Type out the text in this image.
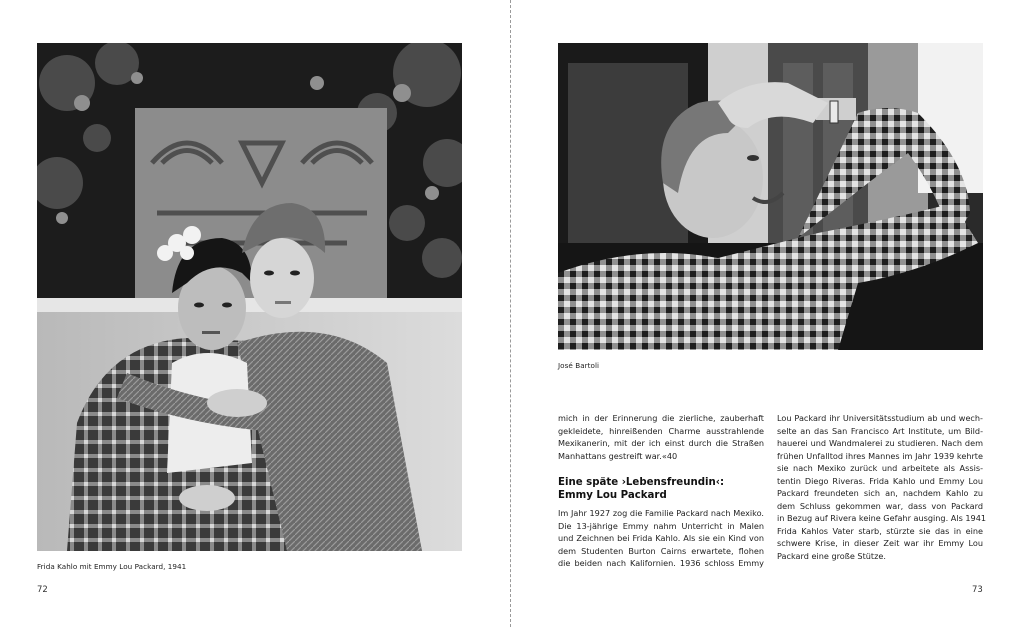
Frida Kahlo mit Emmy Lou Packard, 1941
72
José Bartoli

mich in der Erinnerung die zierliche, zauberhaft
gekleidete, hinreißenden Charme ausstrahlende
Mexikanerin, mit der ich einst durch die Straßen
Manhattans gestreift war.«40

Eine späte ›Lebensfreundin‹:
Emmy Lou Packard

Im Jahr 1927 zog die Familie Packard nach Mexiko.
Die 13-jährige Emmy nahm Unterricht in Malen
und Zeichnen bei Frida Kahlo. Als sie ein Kind von
dem Studenten Burton Cairns erwartete, flohen
die beiden nach Kalifornien. 1936 schloss Emmy

Lou Packard ihr Universitätsstudium ab und wech-
selte an das San Francisco Art Institute, um Bild-
hauerei und Wandmalerei zu studieren. Nach dem
frühen Unfalltod ihres Mannes im Jahr 1939 kehrte
sie nach Mexiko zurück und arbeitete als Assis-
tentin Diego Riveras. Frida Kahlo und Emmy Lou
Packard freundeten sich an, nachdem Kahlo zu
dem Schluss gekommen war, dass von Packard
in Bezug auf Rivera keine Gefahr ausging. Als 1941
Frida Kahlos Vater starb, stürzte sie das in eine
schwere Krise, in dieser Zeit war ihr Emmy Lou
Packard eine große Stütze.

73
